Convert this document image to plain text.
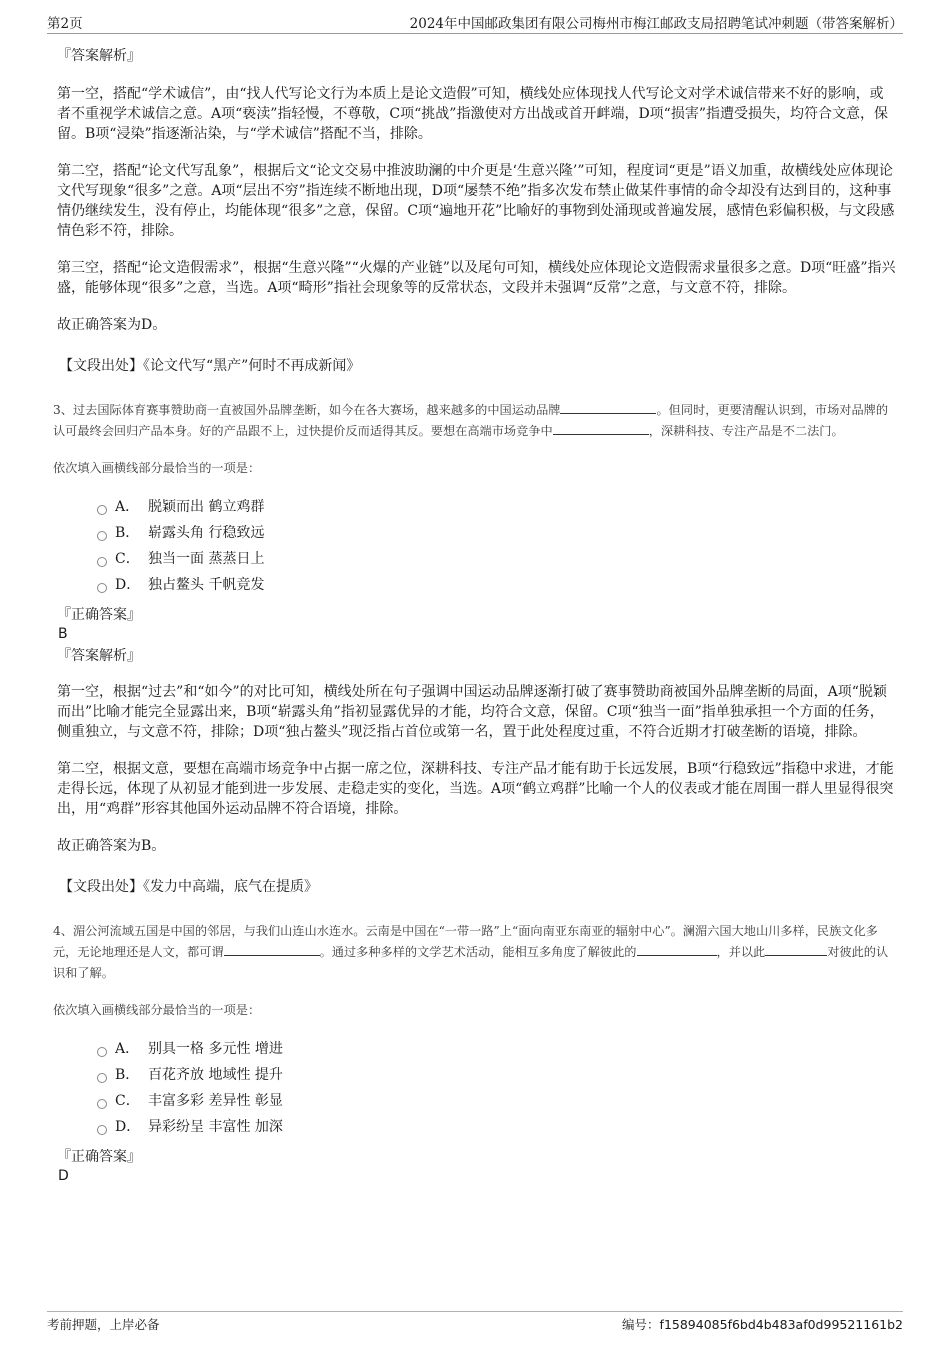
第2页	2024年中国邮政集团有限公司梅州市梅江邮政支局招聘笔试冲刺题（带答案解析）
『答案解析』
第一空，搭配“学术诚信”，由“找人代写论文行为本质上是论文造假”可知，横线处应体现找人代写论文对学术诚信带来不好的影响，或者不重视学术诚信之意。A项“亵渎”指轻慢，不尊敬，C项“挑战”指激使对方出战或首开衅端，D项“损害”指遭受损失，均符合文意，保留。B项“浸染”指逐渐沾染，与“学术诚信”搭配不当，排除。
第二空，搭配“论文代写乱象”，根据后文“论文交易中推波助澜的中介更是‘生意兴隆’”可知，程度词“更是”语义加重，故横线处应体现论文代写现象“很多”之意。A项“层出不穷”指连续不断地出现，D项“屡禁不绝”指多次发布禁止做某件事情的命令却没有达到目的，这种事情仍继续发生，没有停止，均能体现“很多”之意，保留。C项“遍地开花”比喻好的事物到处涌现或普遍发展，感情色彩偏积极，与文段感情色彩不符，排除。
第三空，搭配“论文造假需求”，根据“生意兴隆”“火爆的产业链”以及尾句可知，横线处应体现论文造假需求量很多之意。D项“旺盛”指兴盛，能够体现“很多”之意，当选。A项“畸形”指社会现象等的反常状态，文段并未强调“反常”之意，与文意不符，排除。
故正确答案为D。
【文段出处】《论文代写“黑产”何时不再成新闻》
3、过去国际体育赛事赞助商一直被国外品牌垄断，如今在各大赛场，越来越多的中国运动品牌	。但同时，更要清醒认识到，市场对品牌的认可最终会回归产品本身。好的产品跟不上，过快提价反而适得其反。要想在高端市场竞争中	，深耕科技、专注产品是不二法门。
依次填入画横线部分最恰当的一项是：
A． 脱颖而出 鹤立鸡群
B． 崭露头角 行稳致远
C． 独当一面 蒸蒸日上
D． 独占鳌头 千帆竞发
『正确答案』
B
『答案解析』
第一空，根据“过去”和“如今”的对比可知，横线处所在句子强调中国运动品牌逐渐打破了赛事赞助商被国外品牌垄断的局面，A项“脱颖而出”比喻才能完全显露出来，B项“崭露头角”指初显露优异的才能，均符合文意，保留。C项“独当一面”指单独承担一个方面的任务，侧重独立，与文意不符，排除；D项“独占鳌头”现泛指占首位或第一名，置于此处程度过重，不符合近期才打破垄断的语境，排除。
第二空，根据文意，要想在高端市场竞争中占据一席之位，深耕科技、专注产品才能有助于长远发展，B项“行稳致远”指稳中求进，才能走得长远，体现了从初显才能到进一步发展、走稳走实的变化，当选。A项“鹤立鸡群”比喻一个人的仪表或才能在周围一群人里显得很突出，用“鸡群”形容其他国外运动品牌不符合语境，排除。
故正确答案为B。
【文段出处】《发力中高端，底气在提质》
4、湄公河流域五国是中国的邻居，与我们山连山水连水。云南是中国在“一带一路”上“面向南亚东南亚的辐射中心”。澜湄六国大地山川多样，民族文化多元，无论地理还是人文，都可谓	。通过多种多样的文学艺术活动，能相互多角度了解彼此的	，并以此	对彼此的认识和了解。
依次填入画横线部分最恰当的一项是：
A． 别具一格 多元性 增进
B． 百花齐放 地域性 提升
C． 丰富多彩 差异性 彰显
D． 异彩纷呈 丰富性 加深
『正确答案』
D
考前押题，上岸必备	编号：f15894085f6bd4b483af0d99521161b2
